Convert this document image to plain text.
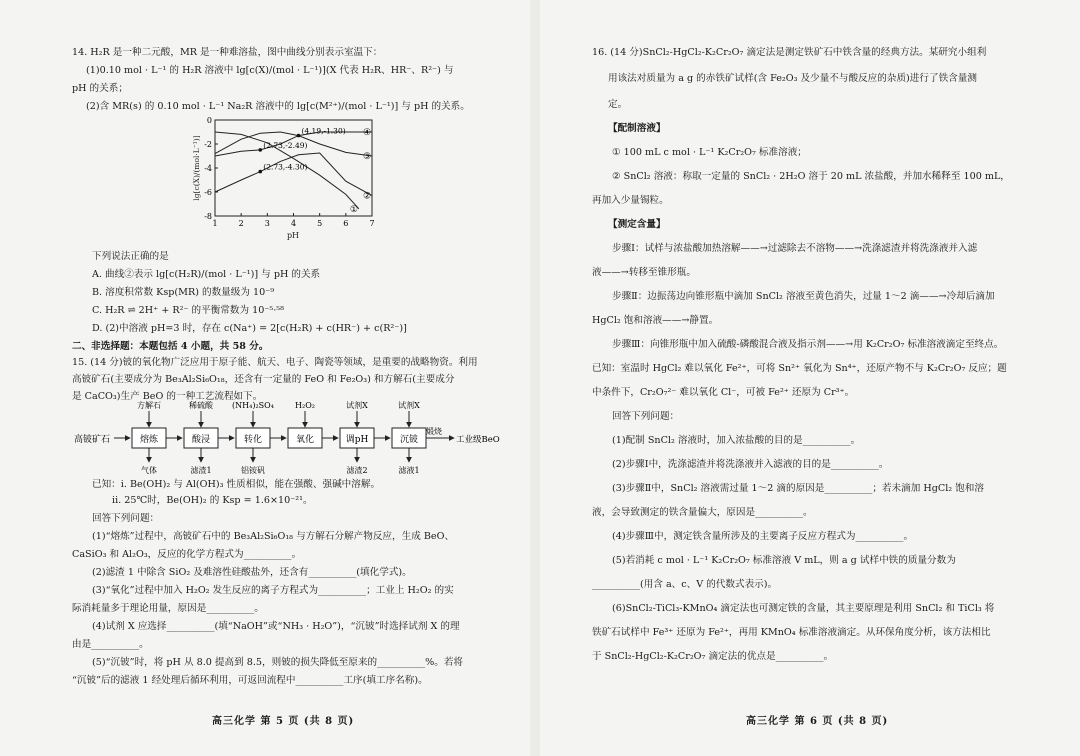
14. H₂R 是一种二元酸，MR 是一种难溶盐，图中曲线分别表示室温下：
(1)0.10 mol · L⁻¹ 的 H₂R 溶液中 lg[c(X)/(mol · L⁻¹)](X 代表 H₂R、HR⁻、R²⁻) 与
pH 的关系；
(2)含 MR(s) 的 0.10 mol · L⁻¹ Na₂R 溶液中的 lg[c(M²⁺)/(mol · L⁻¹)] 与 pH 的关系。
lg[c(X)/(mol·L⁻¹)]
pH
1	2	3	4	5	6	7
0
-2
-4
-6
-8
①
②
③
④
(4.19,-1.30)
(2.73,-2.49)
(2.73,-4.30)
下列说法正确的是
A. 曲线②表示 lg[c(H₂R)/(mol · L⁻¹)] 与 pH 的关系
B. 溶度积常数 Ksp(MR) 的数量级为 10⁻⁹
C. H₂R ⇌ 2H⁺ + R²⁻ 的平衡常数为 10⁻⁵·⁵⁸
D. (2)中溶液 pH=3 时，存在 c(Na⁺) = 2[c(H₂R) + c(HR⁻) + c(R²⁻)]
二、非选择题：本题包括 4 小题，共 58 分。
15. (14 分)铍的氧化物广泛应用于原子能、航天、电子、陶瓷等领域，是重要的战略物资。利用
高铍矿石(主要成分为 Be₃Al₂Si₆O₁₈，还含有一定量的 FeO 和 Fe₂O₃) 和方解石(主要成分
是 CaCO₃)生产 BeO 的一种工艺流程如下。
高铍矿石	熔炼	酸浸	转化	氧化	调pH	沉铍
煅烧
工业级BeO
方解石	稀硫酸 (NH₄)₂SO₄	H₂O₂	试剂X	试剂X
气体	滤渣1	铝铵矾	滤渣2	滤液1
已知：i. Be(OH)₂ 与 Al(OH)₃ 性质相似，能在强酸、强碱中溶解。
ii. 25℃时，Be(OH)₂ 的 Ksp = 1.6×10⁻²¹。
回答下列问题：
(1)“熔炼”过程中，高铍矿石中的 Be₃Al₂Si₆O₁₈ 与方解石分解产物反应，生成 BeO、
CaSiO₃ 和 Al₂O₃，反应的化学方程式为__________。
(2)滤渣 1 中除含 SiO₂ 及难溶性硅酸盐外，还含有__________(填化学式)。
(3)“氧化”过程中加入 H₂O₂ 发生反应的离子方程式为__________；工业上 H₂O₂ 的实
际消耗量多于理论用量，原因是__________。
(4)试剂 X 应选择__________(填“NaOH”或“NH₃ · H₂O”)，“沉铍”时选择试剂 X 的理
由是__________。
(5)“沉铍”时，将 pH 从 8.0 提高到 8.5，则铍的损失降低至原来的__________%。若将
“沉铍”后的滤液 1 经处理后循环利用，可返回流程中__________工序(填工序名称)。
高三化学 第 5 页 (共 8 页)
16. (14 分)SnCl₂-HgCl₂-K₂Cr₂O₇ 滴定法是测定铁矿石中铁含量的经典方法。某研究小组利
用该法对质量为 a g 的赤铁矿试样(含 Fe₂O₃ 及少量不与酸反应的杂质)进行了铁含量测
定。
【配制溶液】
① 100 mL c mol · L⁻¹ K₂Cr₂O₇ 标准溶液；
② SnCl₂ 溶液：称取一定量的 SnCl₂ · 2H₂O 溶于 20 mL 浓盐酸，并加水稀释至 100 mL，
再加入少量锡粒。
【测定含量】
步骤Ⅰ：试样与浓盐酸加热溶解——→过滤除去不溶物——→洗涤滤渣并将洗涤液并入滤
液——→转移至锥形瓶。
步骤Ⅱ：边振荡边向锥形瓶中滴加 SnCl₂ 溶液至黄色消失，过量 1～2 滴——→冷却后滴加
HgCl₂ 饱和溶液——→静置。
步骤Ⅲ：向锥形瓶中加入硫酸-磷酸混合液及指示剂——→用 K₂Cr₂O₇ 标准溶液滴定至终点。
已知：室温时 HgCl₂ 难以氧化 Fe²⁺，可将 Sn²⁺ 氧化为 Sn⁴⁺，还原产物不与 K₂Cr₂O₇ 反应；题
中条件下，Cr₂O₇²⁻ 难以氧化 Cl⁻，可被 Fe²⁺ 还原为 Cr³⁺。
回答下列问题：
(1)配制 SnCl₂ 溶液时，加入浓盐酸的目的是__________。
(2)步骤Ⅰ中，洗涤滤渣并将洗涤液并入滤液的目的是__________。
(3)步骤Ⅱ中，SnCl₂ 溶液需过量 1～2 滴的原因是__________；若未滴加 HgCl₂ 饱和溶
液，会导致测定的铁含量偏大，原因是__________。
(4)步骤Ⅲ中，测定铁含量所涉及的主要离子反应方程式为__________。
(5)若消耗 c mol · L⁻¹ K₂Cr₂O₇ 标准溶液 V mL，则 a g 试样中铁的质量分数为
__________(用含 a、c、V 的代数式表示)。
(6)SnCl₂-TiCl₃-KMnO₄ 滴定法也可测定铁的含量，其主要原理是利用 SnCl₂ 和 TiCl₃ 将
铁矿石试样中 Fe³⁺ 还原为 Fe²⁺，再用 KMnO₄ 标准溶液滴定。从环保角度分析，该方法相比
于 SnCl₂-HgCl₂-K₂Cr₂O₇ 滴定法的优点是__________。
高三化学 第 6 页 (共 8 页)
